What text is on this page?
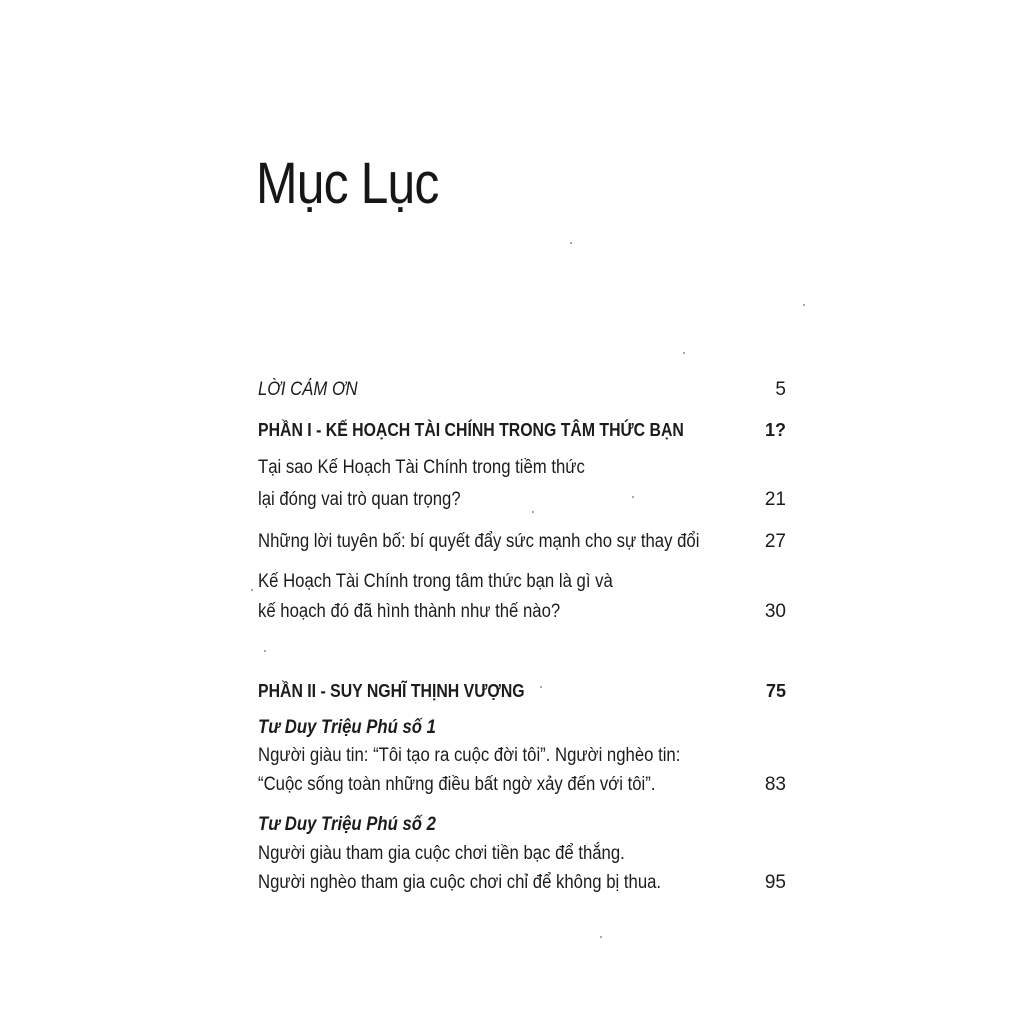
Mục Lục
LỜI CẢM ƠN	5
PHẦN I - KẾ HOẠCH TÀI CHÍNH TRONG TÂM THỨC BẠN	1?
Tại sao Kế Hoạch Tài Chính trong tiềm thức
lại đóng vai trò quan trọng?	21
Những lời tuyên bố: bí quyết đẩy sức mạnh cho sự thay đổi	27
Kế Hoạch Tài Chính trong tâm thức bạn là gì và
kế hoạch đó đã hình thành như thế nào?	30
PHẦN II - SUY NGHĨ THỊNH VƯỢNG	75
Tư Duy Triệu Phú số 1
Người giàu tin: “Tôi tạo ra cuộc đời tôi”. Người nghèo tin:
“Cuộc sống toàn những điều bất ngờ xảy đến với tôi”.	83
Tư Duy Triệu Phú số 2
Người giàu tham gia cuộc chơi tiền bạc để thắng.
Người nghèo tham gia cuộc chơi chỉ để không bị thua.	95
